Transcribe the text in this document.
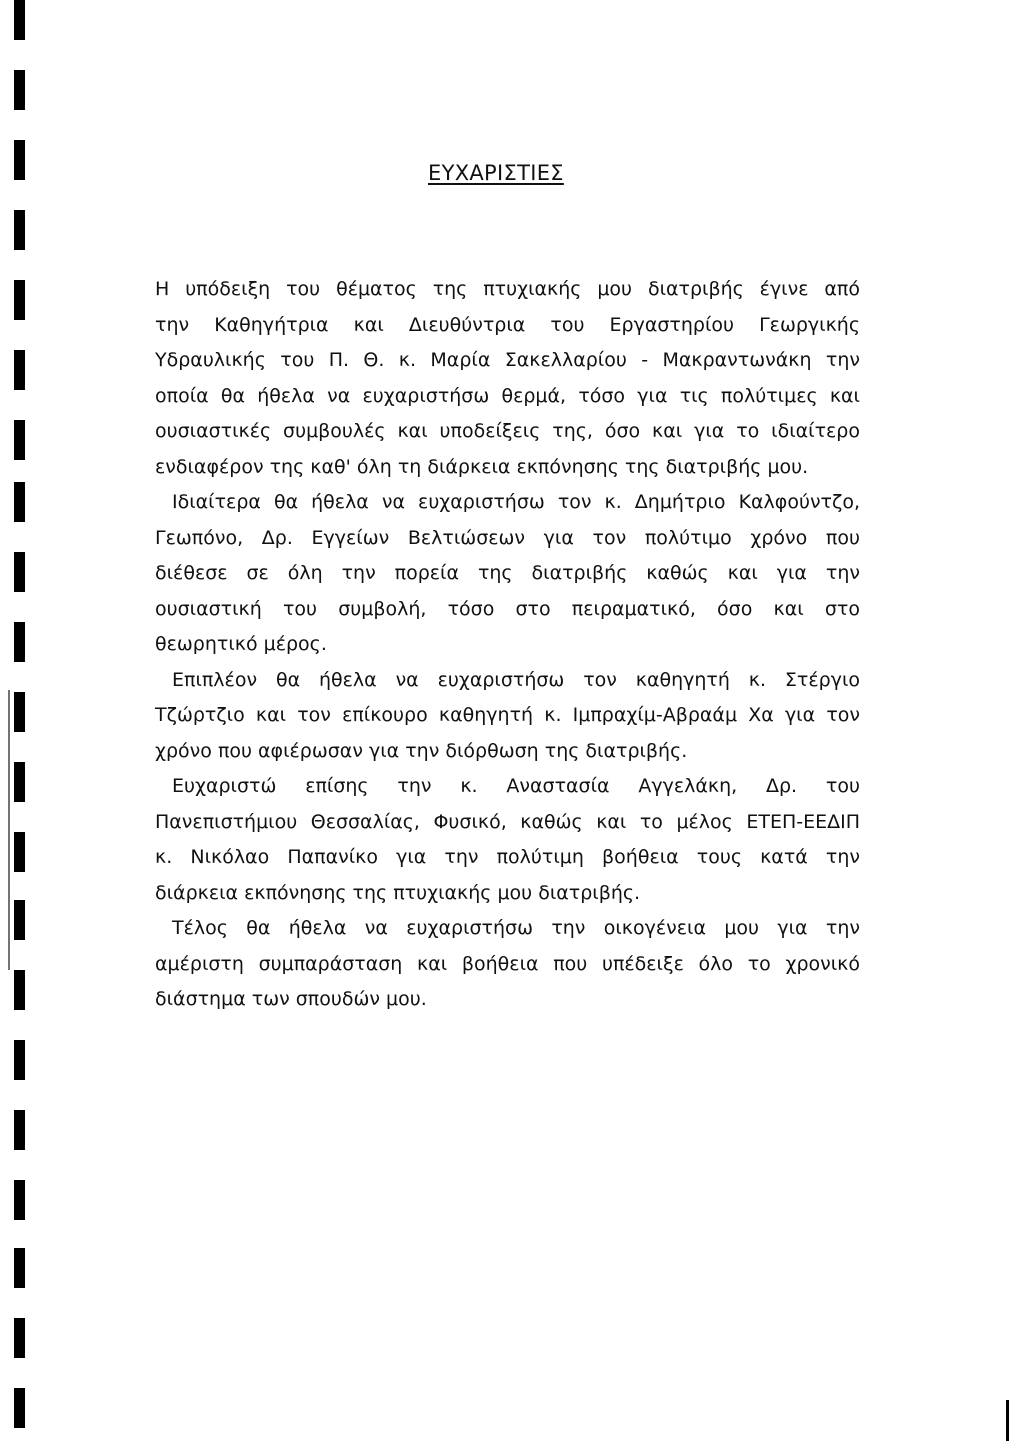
ΕΥΧΑΡΙΣΤΙΕΣ

Η υπόδειξη του θέματος της πτυχιακής μου διατριβής έγινε από
την Καθηγήτρια και Διευθύντρια του Εργαστηρίου Γεωργικής
Υδραυλικής του Π. Θ. κ. Μαρία Σακελλαρίου - Μακραντωνάκη την
οποία θα ήθελα να ευχαριστήσω θερμά, τόσο για τις πολύτιμες και
ουσιαστικές συμβουλές και υποδείξεις της, όσο και για το ιδιαίτερο
ενδιαφέρον της καθ' όλη τη διάρκεια εκπόνησης της διατριβής μου.

Ιδιαίτερα θα ήθελα να ευχαριστήσω τον κ. Δημήτριο Καλφούντζο,
Γεωπόνο, Δρ. Εγγείων Βελτιώσεων για τον πολύτιμο χρόνο που
διέθεσε σε όλη την πορεία της διατριβής καθώς και για την
ουσιαστική του συμβολή, τόσο στο πειραματικό, όσο και στο
θεωρητικό μέρος.

Επιπλέον θα ήθελα να ευχαριστήσω τον καθηγητή κ. Στέργιο
Τζώρτζιο και τον επίκουρο καθηγητή κ. Ιμπραχίμ-Αβραάμ Χα για τον
χρόνο που αφιέρωσαν για την διόρθωση της διατριβής.

Ευχαριστώ επίσης την κ. Αναστασία Αγγελάκη, Δρ. του
Πανεπιστήμιου Θεσσαλίας, Φυσικό, καθώς και το μέλος ΕΤΕΠ-ΕΕΔΙΠ
κ. Νικόλαο Παπανίκο για την πολύτιμη βοήθεια τους κατά την
διάρκεια εκπόνησης της πτυχιακής μου διατριβής.

Τέλος θα ήθελα να ευχαριστήσω την οικογένεια μου για την
αμέριστη συμπαράσταση και βοήθεια που υπέδειξε όλο το χρονικό
διάστημα των σπουδών μου.
